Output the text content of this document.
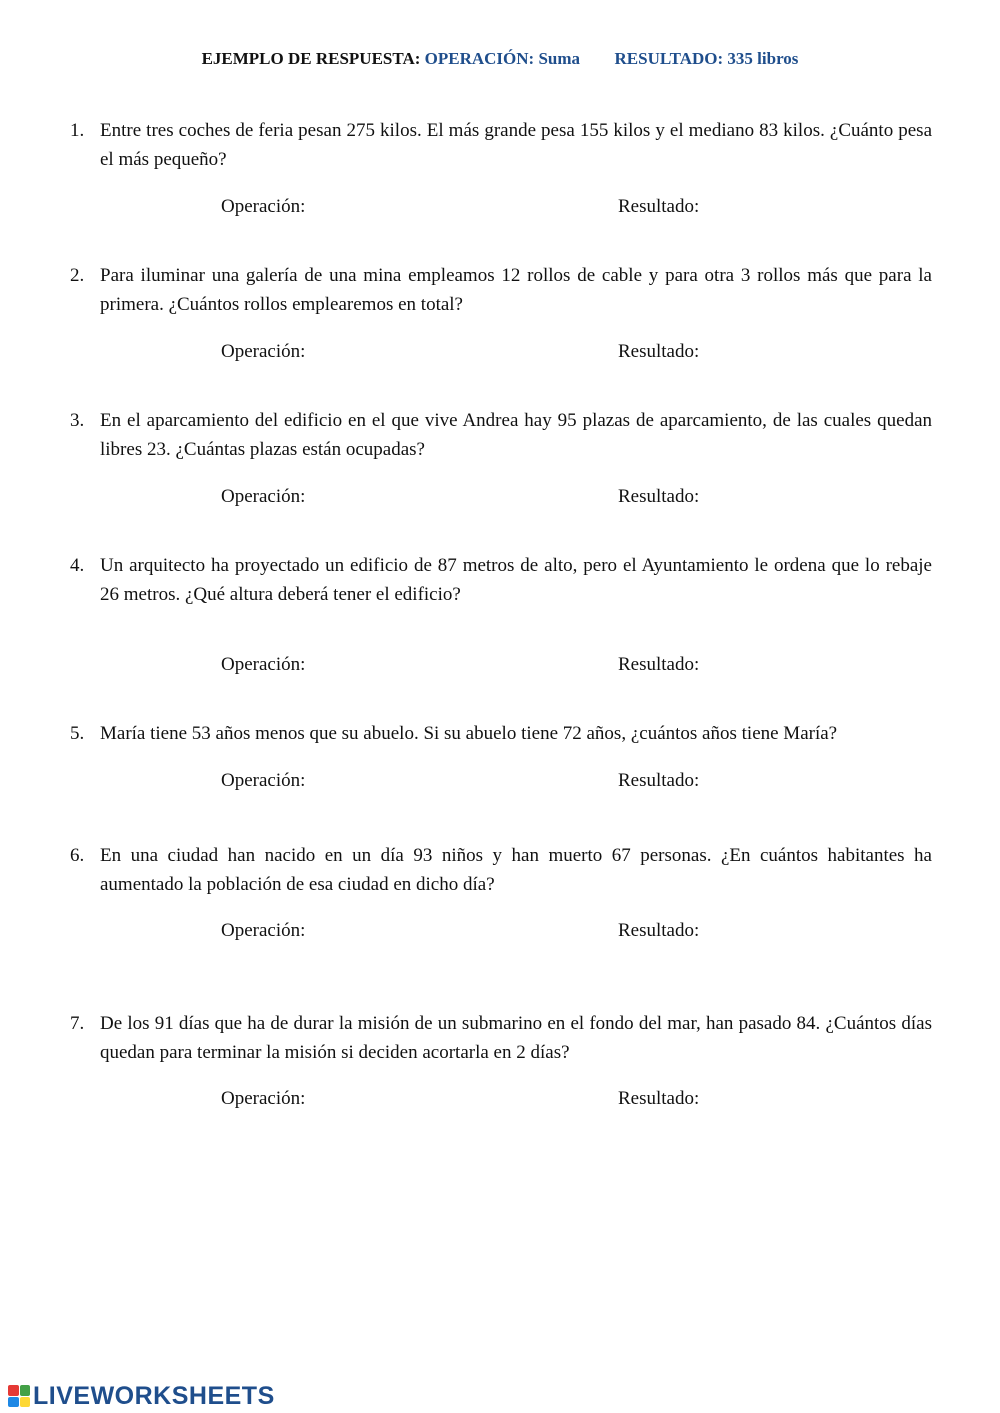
EJEMPLO DE RESPUESTA: OPERACIÓN: Suma RESULTADO: 335 libros
1. Entre tres coches de feria pesan 275 kilos. El más grande pesa 155 kilos y el mediano 83 kilos. ¿Cuánto pesa el más pequeño?
Operación:	Resultado:
2. Para iluminar una galería de una mina empleamos 12 rollos de cable y para otra 3 rollos más que para la primera. ¿Cuántos rollos emplearemos en total?
Operación:	Resultado:
3. En el aparcamiento del edificio en el que vive Andrea hay 95 plazas de aparcamiento, de las cuales quedan libres 23. ¿Cuántas plazas están ocupadas?
Operación:	Resultado:
4. Un arquitecto ha proyectado un edificio de 87 metros de alto, pero el Ayuntamiento le ordena que lo rebaje 26 metros. ¿Qué altura deberá tener el edificio?
Operación:	Resultado:
5. María tiene 53 años menos que su abuelo. Si su abuelo tiene 72 años, ¿cuántos años tiene María?
Operación:	Resultado:
6. En una ciudad han nacido en un día 93 niños y han muerto 67 personas. ¿En cuántos habitantes ha aumentado la población de esa ciudad en dicho día?
Operación:	Resultado:
7. De los 91 días que ha de durar la misión de un submarino en el fondo del mar, han pasado 84. ¿Cuántos días quedan para terminar la misión si deciden acortarla en 2 días?
Operación:	Resultado:
LIVEWORKSHEETS
